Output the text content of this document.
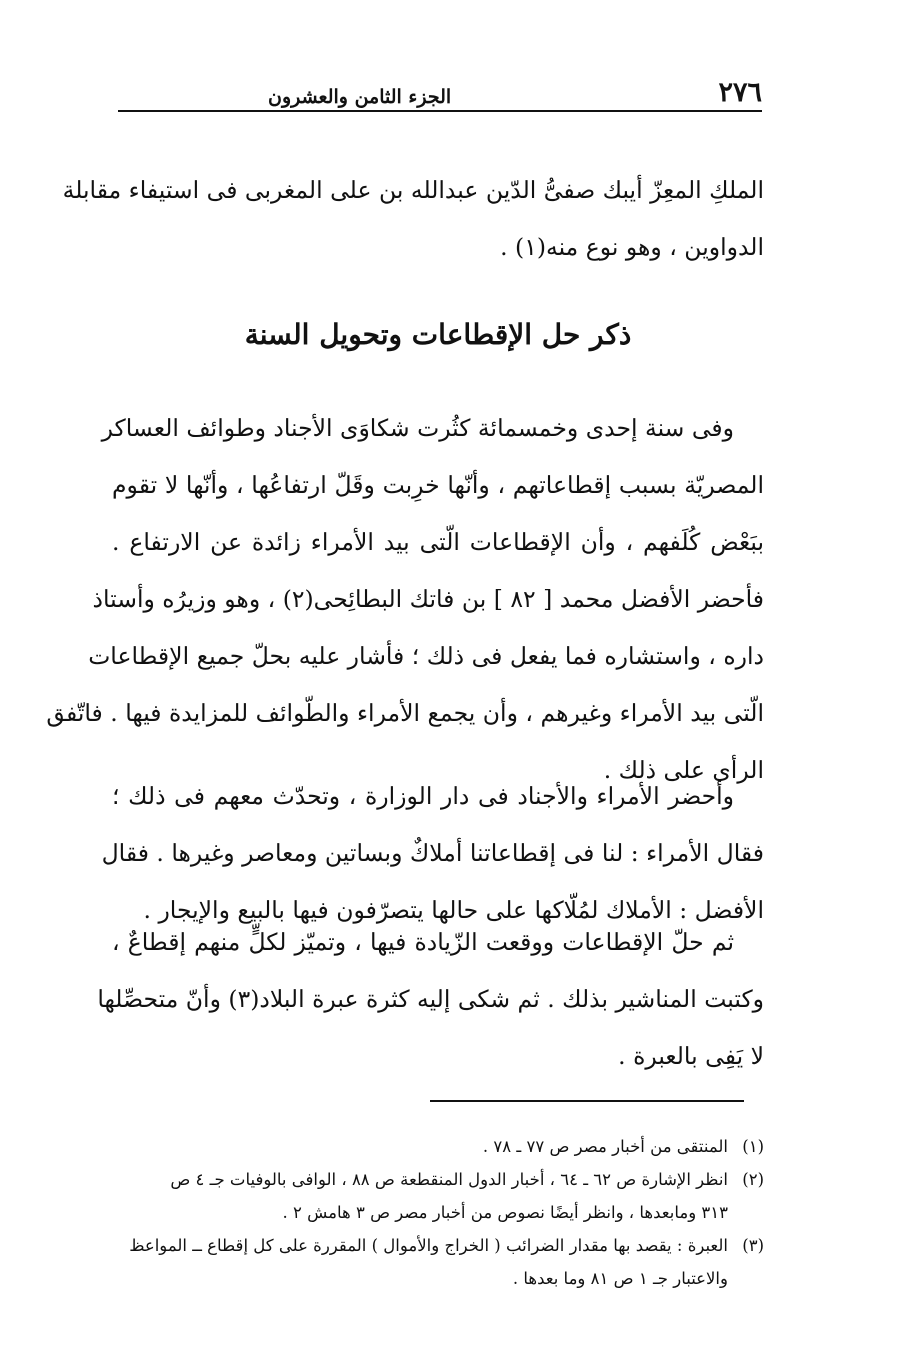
٢٧٦
الجزء الثامن والعشرون
الملكِ المعِزّ أيبك صفىُّ الدّين عبدالله بن على المغربى فى استيفاء مقابلة
الدواوين ، وهو نوع منه(١) .
ذكر حل الإقطاعات وتحويل السنة
وفى سنة إحدى وخمسمائة كثُرت شكاوَى الأجناد وطوائف العساكر
المصريّة بسبب إقطاعاتهم ، وأنّها خرِبت وقَلّ ارتفاعُها ، وأنّها لا تقوم
ببَعْض كُلَفهم ، وأن الإقطاعات الّتى بيد الأمراء زائدة عن الارتفاع .
فأحضر الأفضل محمد [ ٨٢ ] بن فاتك البطائِحى(٢) ، وهو وزيرُه وأستاذ
داره ، واستشاره فما يفعل فى ذلك ؛ فأشار عليه بحلّ جميع الإقطاعات
الّتى بيد الأمراء وغيرهم ، وأن يجمع الأمراء والطّوائف للمزايدة فيها . فاتّفق
الرأى على ذلك .
وأحضر الأمراء والأجناد فى دار الوزارة ، وتحدّث معهم فى ذلك ؛
فقال الأمراء : لنا فى إقطاعاتنا أملاكٌ وبساتين ومعاصر وغيرها . فقال
الأفضل : الأملاك لمُلّاكها على حالها يتصرّفون فيها بالبيع والإيجار .
ثم حلّ الإقطاعات ووقعت الزّيادة فيها ، وتميّز لكلٍّ منهم إقطاعٌ ،
وكتبت المناشير بذلك . ثم شكى إليه كثرة عبرة البلاد(٣) وأنّ متحصِّلها
لا يَفِى بالعبرة .
(١)المنتقى من أخبار مصر ص ٧٧ ـ ٧٨ .
(٢)انظر الإشارة ص ٦٢ ـ ٦٤ ، أخبار الدول المنقطعة ص ٨٨ ، الوافى بالوفيات جـ ٤ ص
٣١٣ ومابعدها ، وانظر أيضًا نصوص من أخبار مصر ص ٣ هامش ٢ .
(٣)العبرة : يقصد بها مقدار الضرائب ( الخراج والأموال ) المقررة على كل إقطاع ــ المواعظ
والاعتبار جـ ١ ص ٨١ وما بعدها .
